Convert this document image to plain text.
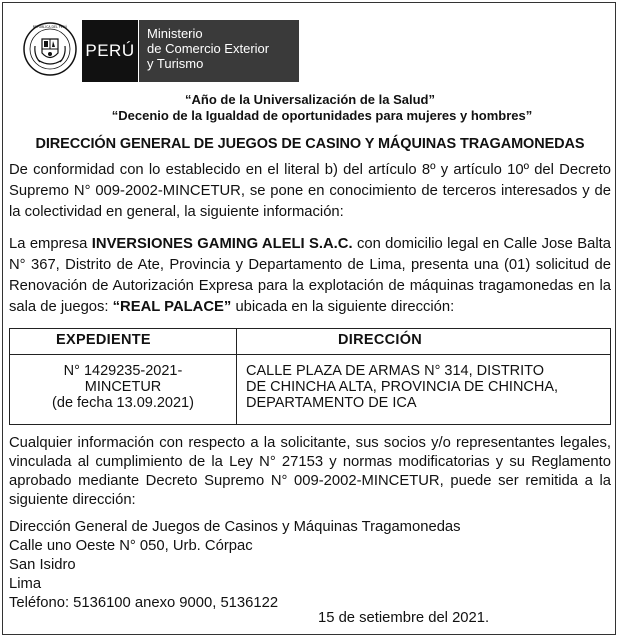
REPÚBLICA DEL PERÚ
PERÚ
Ministerio
de Comercio Exterior
y Turismo
“Año de la Universalización de la Salud”
“Decenio de la Igualdad de oportunidades para mujeres y hombres”
DIRECCIÓN GENERAL DE JUEGOS DE CASINO Y MÁQUINAS TRAGAMONEDAS
De conformidad con lo establecido en el literal b) del artículo 8º y artículo 10º del Decreto Supremo N° 009-2002-MINCETUR, se pone en conocimiento de terceros interesados y de la colectividad en general, la siguiente información:
La empresa INVERSIONES GAMING ALELI S.A.C. con domicilio legal en Calle Jose Balta N° 367, Distrito de Ate, Provincia y Departamento de Lima, presenta una (01) solicitud de Renovación de Autorización Expresa para la explotación de máquinas tragamonedas en la sala de juegos: “REAL PALACE” ubicada en la siguiente dirección:
EXPEDIENTE	DIRECCIÓN
N° 1429235-2021-
MINCETUR
(de fecha 13.09.2021)
CALLE PLAZA DE ARMAS N° 314, DISTRITO
DE CHINCHA ALTA, PROVINCIA DE CHINCHA,
DEPARTAMENTO DE ICA
Cualquier información con respecto a la solicitante, sus socios y/o representantes legales, vinculada al cumplimiento de la Ley N° 27153 y normas modificatorias y su Reglamento aprobado mediante Decreto Supremo N° 009-2002-MINCETUR, puede ser remitida a la siguiente dirección:
Dirección General de Juegos de Casinos y Máquinas Tragamonedas
Calle uno Oeste N° 050, Urb. Córpac
San Isidro
Lima
Teléfono: 5136100 anexo 9000, 5136122
15 de setiembre del 2021.
